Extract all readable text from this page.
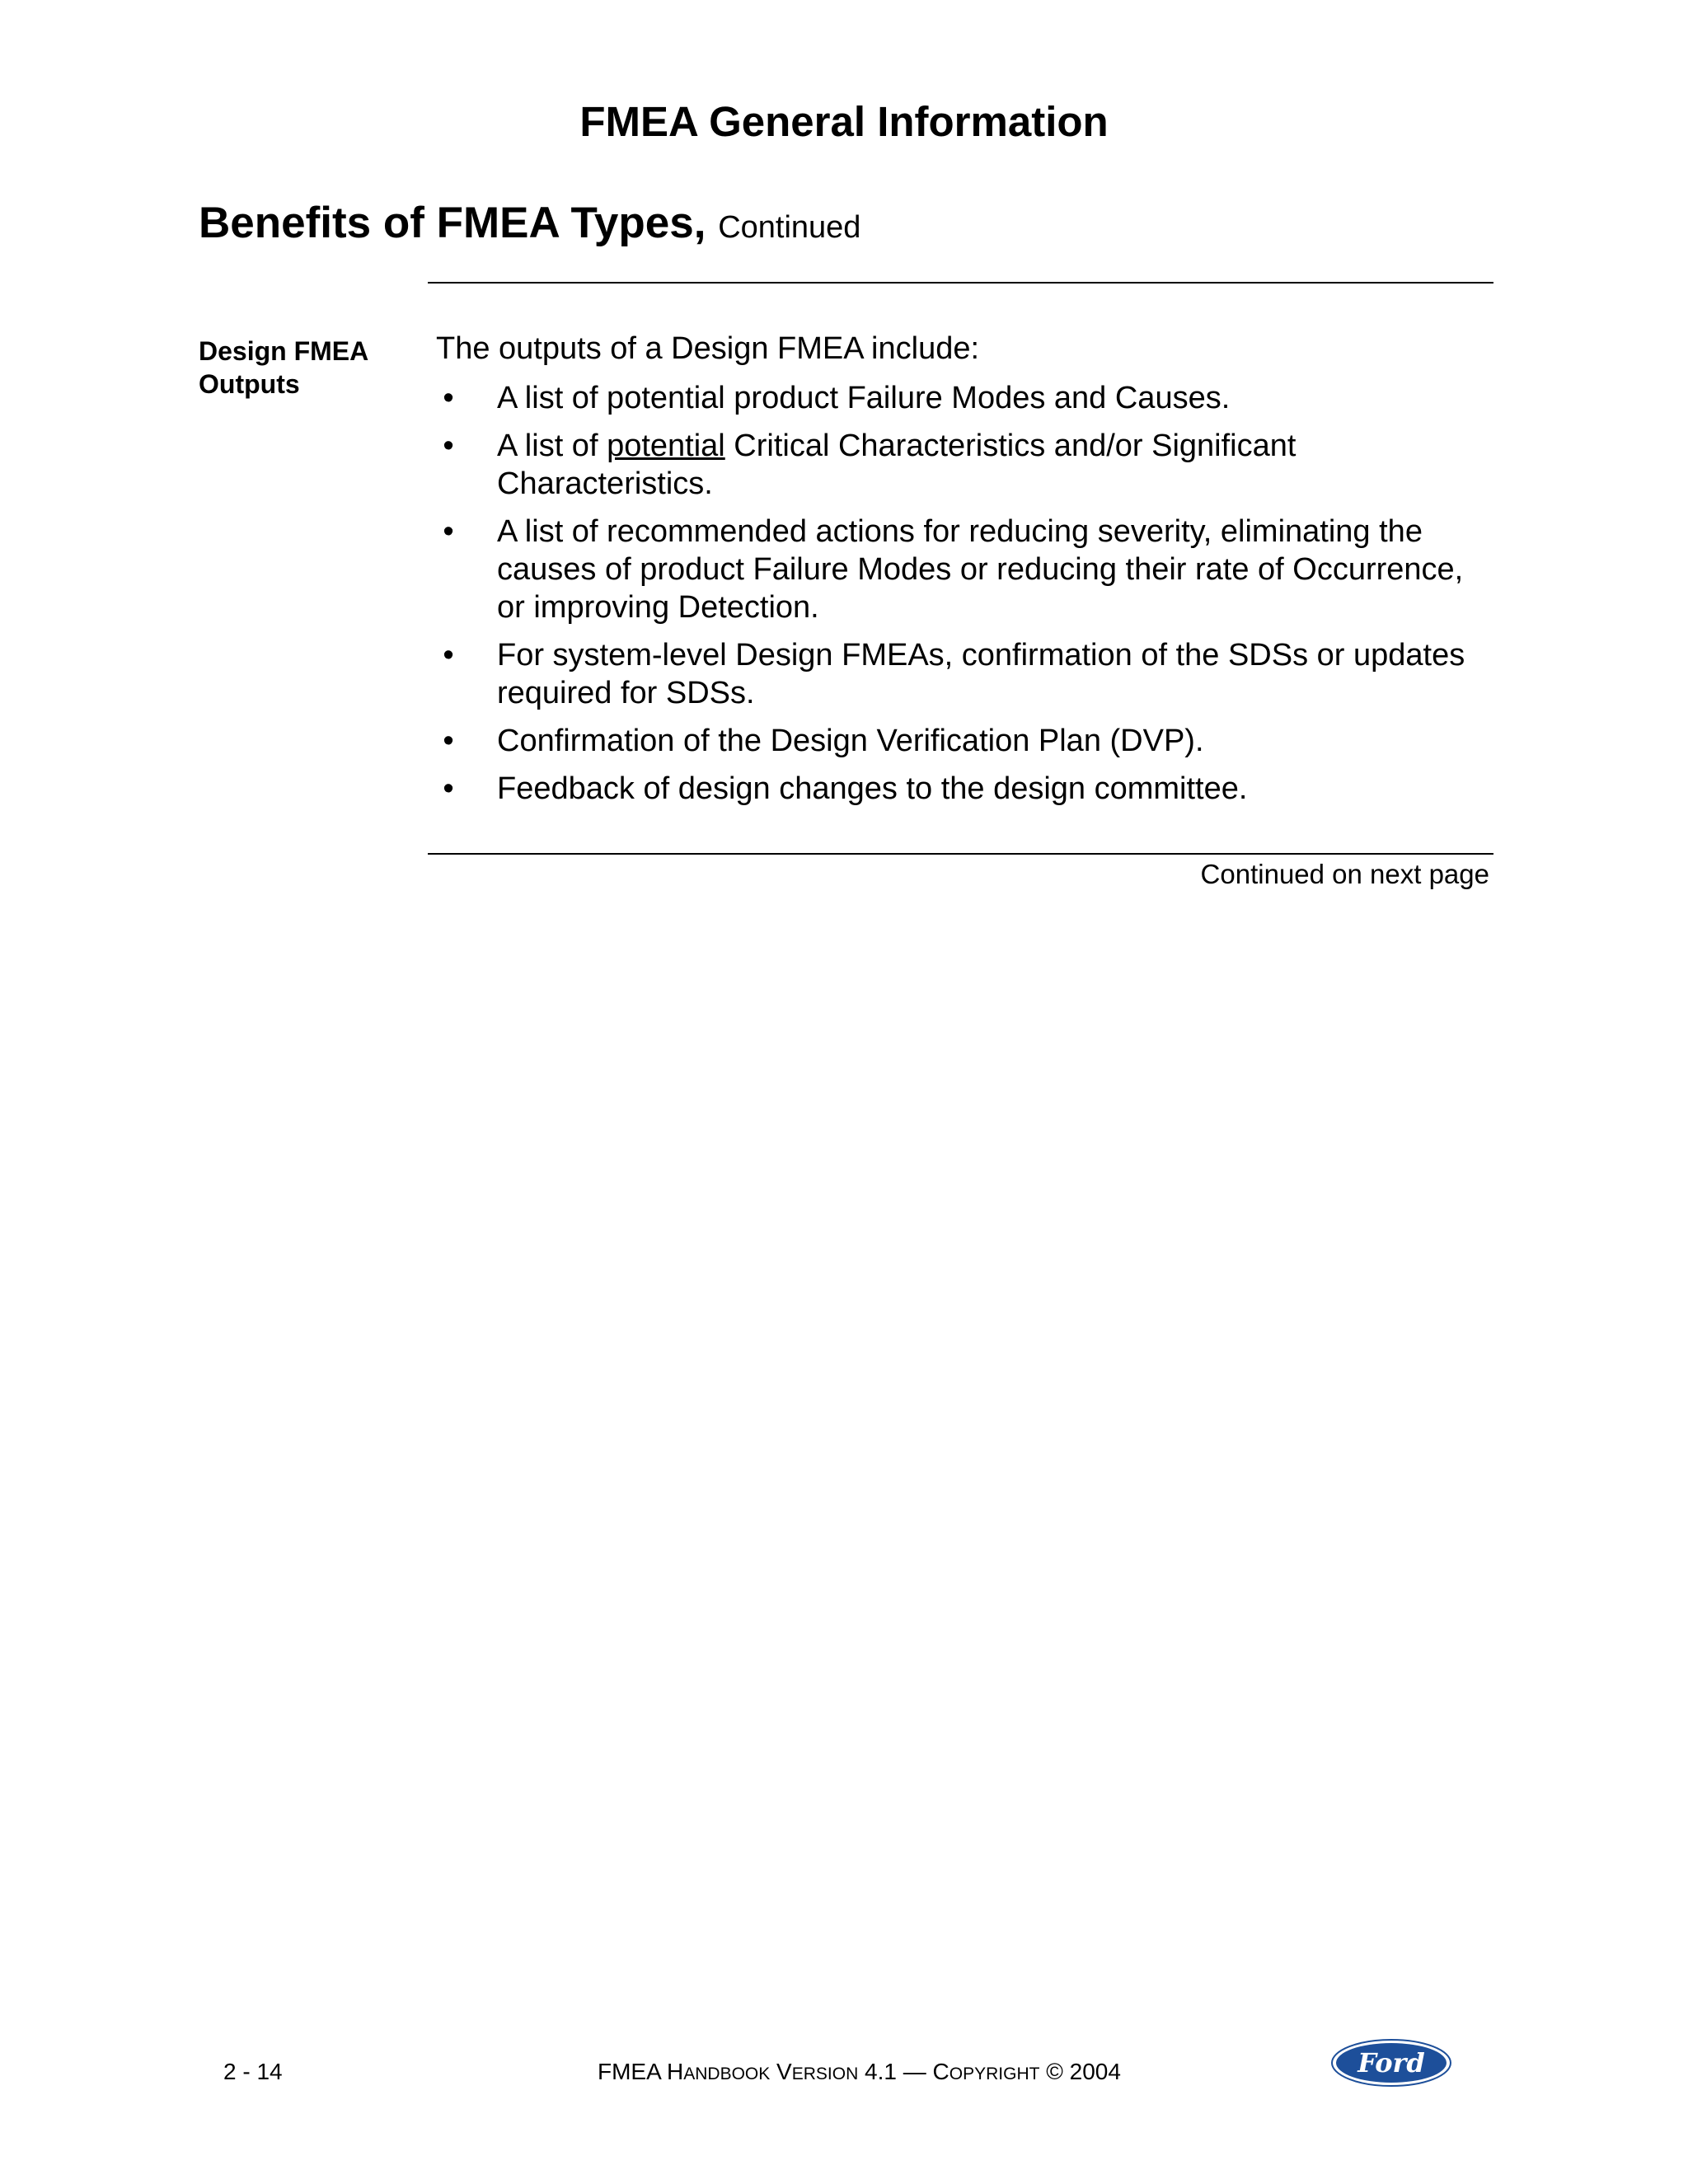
FMEA General Information
Benefits of FMEA Types, Continued
Design FMEA
Outputs

The outputs of a Design FMEA include:

• A list of potential product Failure Modes and Causes.
• A list of potential Critical Characteristics and/or Significant Characteristics.
• A list of recommended actions for reducing severity, eliminating the causes of product Failure Modes or reducing their rate of Occurrence, or improving Detection.
• For system-level Design FMEAs, confirmation of the SDSs or updates required for SDSs.
• Confirmation of the Design Verification Plan (DVP).
• Feedback of design changes to the design committee.
Continued on next page
2 - 14	FMEA HANDBOOK VERSION 4.1 — COPYRIGHT © 2004	Ford
